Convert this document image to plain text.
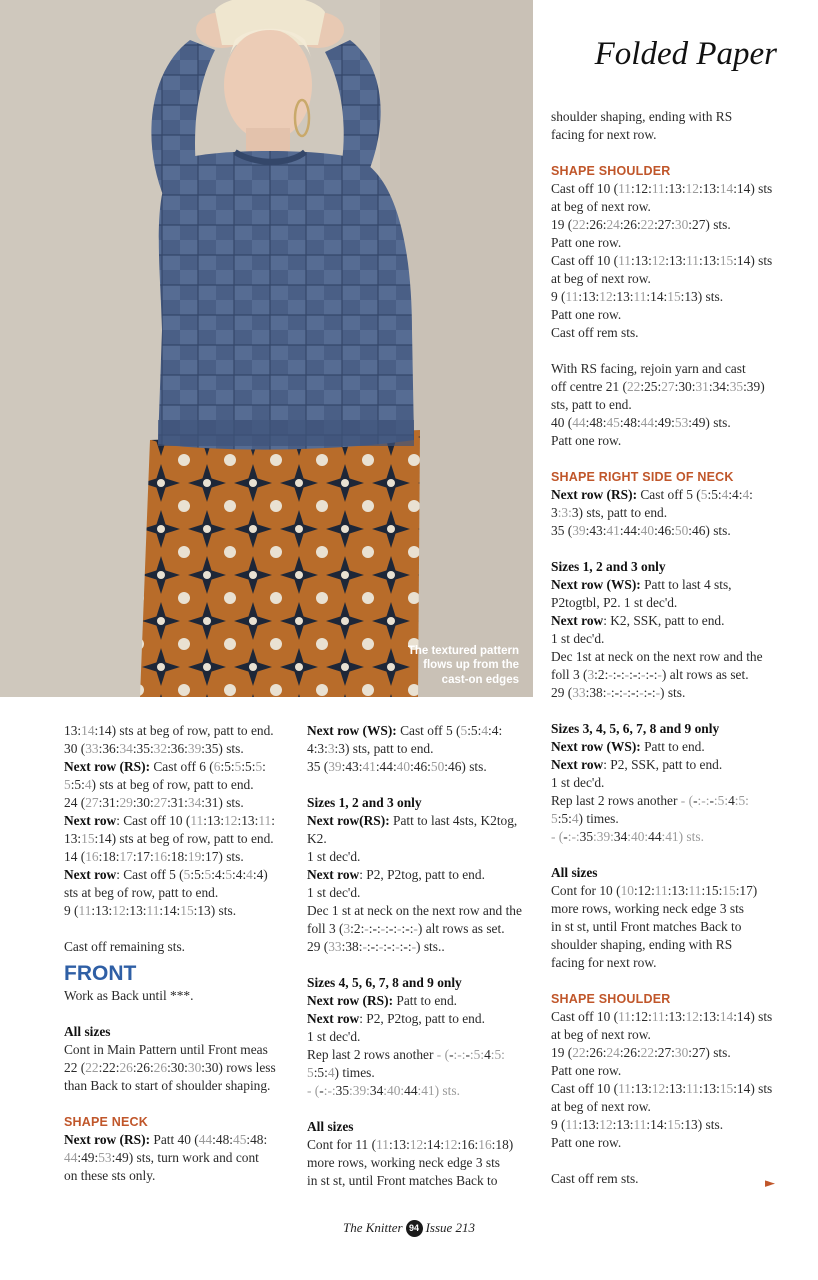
The textured pattern
flows up from the
cast-on edges
Folded Paper

13:14:14) sts at beg of row, patt to end.

30 (33:36:34:35:32:36:39:35) sts.

Next row (RS): Cast off 6 (6:5:5:5:5:

5:5:4) sts at beg of row, patt to end.

24 (27:31:29:30:27:31:34:31) sts.

Next row: Cast off 10 (11:13:12:13:11:

13:15:14) sts at beg of row, patt to end.

14 (16:18:17:17:16:18:19:17) sts.

Next row: Cast off 5 (5:5:5:4:5:4:4:4)

sts at beg of row, patt to end.

9 (11:13:12:13:11:14:15:13) sts.

Cast off remaining sts.

FRONT

Work as Back until ***.

All sizes

Cont in Main Pattern until Front meas

22 (22:22:26:26:26:30:30:30) rows less

than Back to start of shoulder shaping.

SHAPE NECK

Next row (RS): Patt 40 (44:48:45:48:

44:49:53:49) sts, turn work and cont

on these sts only.

Next row (WS): Cast off 5 (5:5:4:4:

4:3:3:3) sts, patt to end.

35 (39:43:41:44:40:46:50:46) sts.

Sizes 1, 2 and 3 only

Next row(RS): Patt to last 4sts, K2tog,

K2.

1 st dec'd.

Next row: P2, P2tog, patt to end.

1 st dec'd.

Dec 1 st at neck on the next row and the

foll 3 (3:2:-:-:-:-:-:-:-) alt rows as set.

29 (33:38:-:-:-:-:-:-:-) sts..

Sizes 4, 5, 6, 7, 8 and 9 only

Next row (RS): Patt to end.

Next row: P2, P2tog, patt to end.

1 st dec'd.

Rep last 2 rows another - (-:-:-:5:4:5:

5:5:4) times.

- (-:-:35:39:34:40:44:41) sts.

All sizes

Cont for 11 (11:13:12:14:12:16:16:18)

more rows, working neck edge 3 sts

in st st, until Front matches Back to

shoulder shaping, ending with RS

facing for next row.

SHAPE SHOULDER

Cast off 10 (11:12:11:13:12:13:14:14) sts

at beg of next row.

19 (22:26:24:26:22:27:30:27) sts.

Patt one row.

Cast off 10 (11:13:12:13:11:13:15:14) sts

at beg of next row.

9 (11:13:12:13:11:14:15:13) sts.

Patt one row.

Cast off rem sts.

With RS facing, rejoin yarn and cast

off centre 21 (22:25:27:30:31:34:35:39)

sts, patt to end.

40 (44:48:45:48:44:49:53:49) sts.

Patt one row.

SHAPE RIGHT SIDE OF NECK

Next row (RS): Cast off 5 (5:5:4:4:4:

3:3:3) sts, patt to end.

35 (39:43:41:44:40:46:50:46) sts.

Sizes 1, 2 and 3 only

Next row (WS): Patt to last 4 sts,

P2togtbl, P2. 1 st dec'd.

Next row: K2, SSK, patt to end.

1 st dec'd.

Dec 1st at neck on the next row and the

foll 3 (3:2:-:-:-:-:-:-:-) alt rows as set.

29 (33:38:-:-:-:-:-:-:-) sts.

Sizes 3, 4, 5, 6, 7, 8 and 9 only

Next row (WS): Patt to end.

Next row: P2, SSK, patt to end.

1 st dec'd.

Rep last 2 rows another - (-:-:-:5:4:5:

5:5:4) times.

- (-:-:35:39:34:40:44:41) sts.

All sizes

Cont for 10 (10:12:11:13:11:15:15:17)

more rows, working neck edge 3 sts

in st st, until Front matches Back to

shoulder shaping, ending with RS

facing for next row.

SHAPE SHOULDER

Cast off 10 (11:12:11:13:12:13:14:14) sts

at beg of next row.

19 (22:26:24:26:22:27:30:27) sts.

Patt one row.

Cast off 10 (11:13:12:13:11:13:15:14) sts

at beg of next row.

9 (11:13:12:13:11:14:15:13) sts.

Patt one row.

Cast off rem sts.	►
The Knitter 94 Issue 213
